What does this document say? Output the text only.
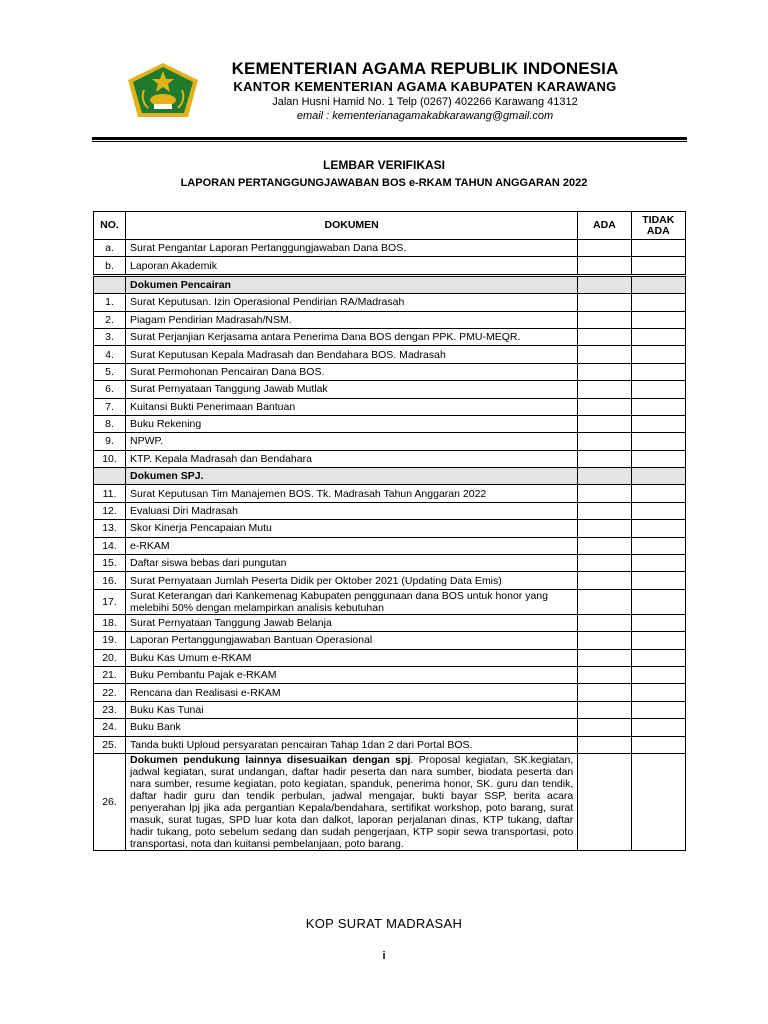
KEMENTERIAN AGAMA REPUBLIK INDONESIA
KANTOR KEMENTERIAN AGAMA KABUPATEN KARAWANG
Jalan Husni Hamid No. 1 Telp (0267) 402266 Karawang 41312
email : kementerianagamakabkarawang@gmail.com
LEMBAR VERIFIKASI
LAPORAN PERTANGGUNGJAWABAN BOS e-RKAM TAHUN ANGGARAN 2022
NO.	DOKUMEN	ADA	TIDAK ADA
a.	Surat Pengantar Laporan Pertanggungjawaban Dana BOS.		
b.	Laporan Akademik		
	Dokumen Pencairan		
1.	Surat Keputusan. Izin Operasional Pendirian RA/Madrasah		
2.	Piagam Pendirian Madrasah/NSM.		
3.	Surat Perjanjian Kerjasama antara Penerima Dana BOS dengan PPK. PMU-MEQR.		
4.	Surat Keputusan Kepala Madrasah dan Bendahara BOS. Madrasah		
5.	Surat Permohonan Pencairan Dana BOS.		
6.	Surat Pernyataan Tanggung Jawab Mutlak		
7.	Kuitansi Bukti Penerimaan Bantuan		
8.	Buku Rekening		
9.	NPWP.		
10.	KTP. Kepala Madrasah dan Bendahara		
	Dokumen SPJ.		
11.	Surat Keputusan Tim Manajemen BOS. Tk. Madrasah Tahun Anggaran 2022		
12.	Evaluasi Diri Madrasah		
13.	Skor Kinerja Pencapaian Mutu		
14.	e-RKAM		
15.	Daftar siswa bebas dari pungutan		
16.	Surat Pernyataan Jumlah Peserta Didik per Oktober 2021 (Updating Data Emis)		
17.	Surat Keterangan dari Kankemenag Kabupaten penggunaan dana BOS untuk honor yang melebihi 50% dengan melampirkan analisis kebutuhan		
18.	Surat Pernyataan Tanggung Jawab Belanja		
19.	Laporan Pertanggungjawaban Bantuan Operasional		
20.	Buku Kas Umum e-RKAM		
21.	Buku Pembantu Pajak e-RKAM		
22.	Rencana dan Realisasi e-RKAM		
23.	Buku Kas Tunai		
24.	Buku Bank		
25.	Tanda bukti Uploud persyaratan pencairan Tahap 1dan 2 dari Portal BOS.		
26.	Dokumen pendukung lainnya disesuaikan dengan spj. Proposal kegiatan, SK.kegiatan, jadwal kegiatan, surat undangan, daftar hadir peserta dan nara sumber, biodata peserta dan nara sumber, resume kegiatan, poto kegiatan, spanduk, penerima honor, SK. guru dan tendik, daftar hadir guru dan tendik perbulan, jadwal mengajar, bukti bayar SSP, berita acara penyerahan lpj jika ada pergantian Kepala/bendahara, sertifikat workshop, poto barang, surat masuk, surat tugas, SPD luar kota dan dalkot, laporan perjalanan dinas, KTP tukang, daftar hadir tukang, poto sebelum sedang dan sudah pengerjaan, KTP sopir sewa transportasi, poto transportasi, nota dan kuitansi pembelanjaan, poto barang.		
KOP SURAT MADRASAH
i
